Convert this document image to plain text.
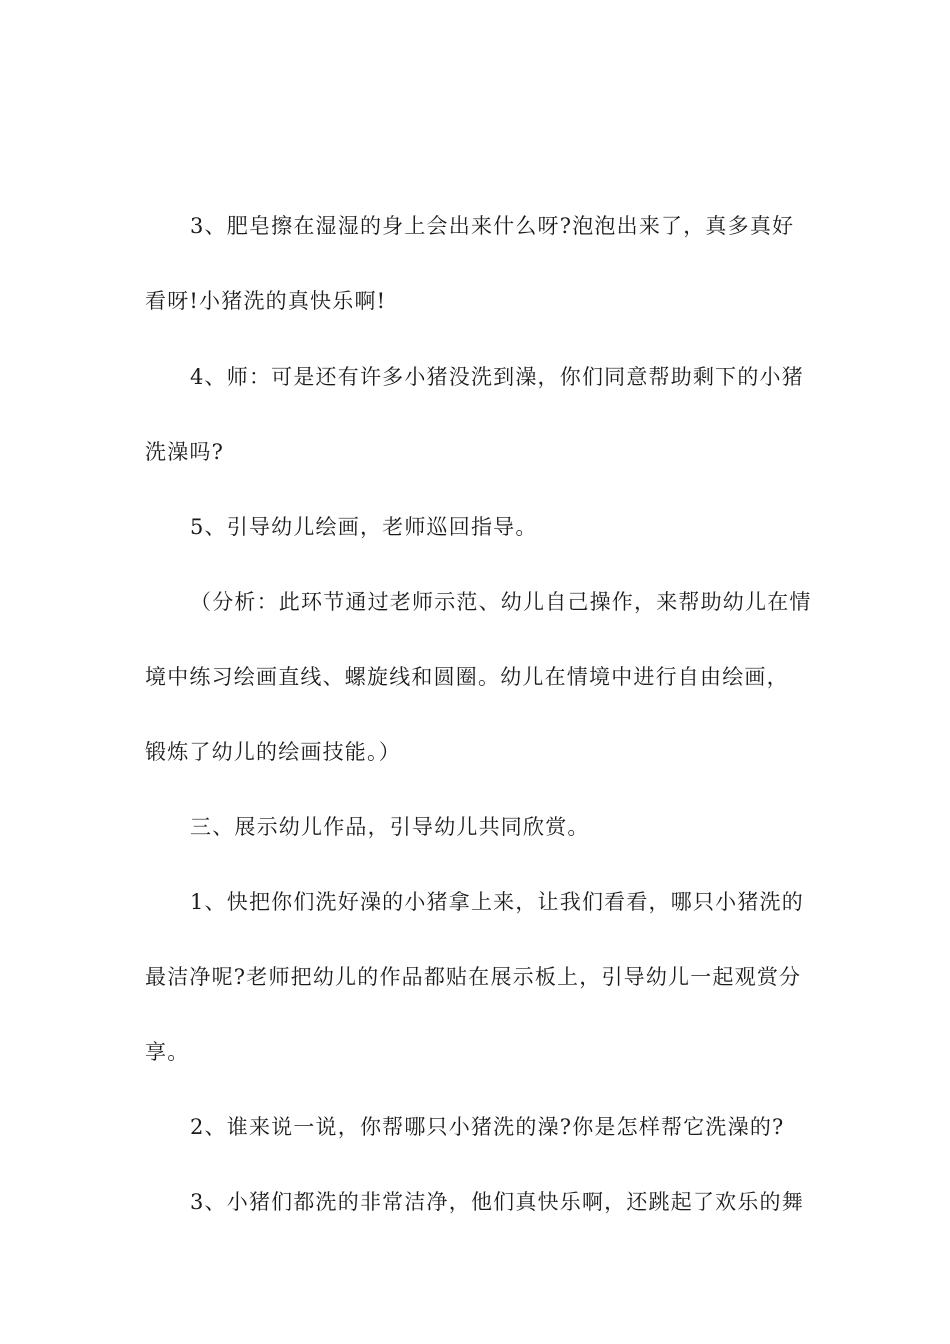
3、肥皂擦在湿湿的身上会出来什么呀?泡泡出来了，真多真好
看呀!小猪洗的真快乐啊!
4、师：可是还有许多小猪没洗到澡，你们同意帮助剩下的小猪
洗澡吗?
5、引导幼儿绘画，老师巡回指导。
（分析：此环节通过老师示范、幼儿自己操作，来帮助幼儿在情
境中练习绘画直线、螺旋线和圆圈。幼儿在情境中进行自由绘画，
锻炼了幼儿的绘画技能。）
三、展示幼儿作品，引导幼儿共同欣赏。
1、快把你们洗好澡的小猪拿上来，让我们看看，哪只小猪洗的
最洁净呢?老师把幼儿的作品都贴在展示板上，引导幼儿一起观赏分
享。
2、谁来说一说，你帮哪只小猪洗的澡?你是怎样帮它洗澡的?
3、小猪们都洗的非常洁净，他们真快乐啊，还跳起了欢乐的舞
